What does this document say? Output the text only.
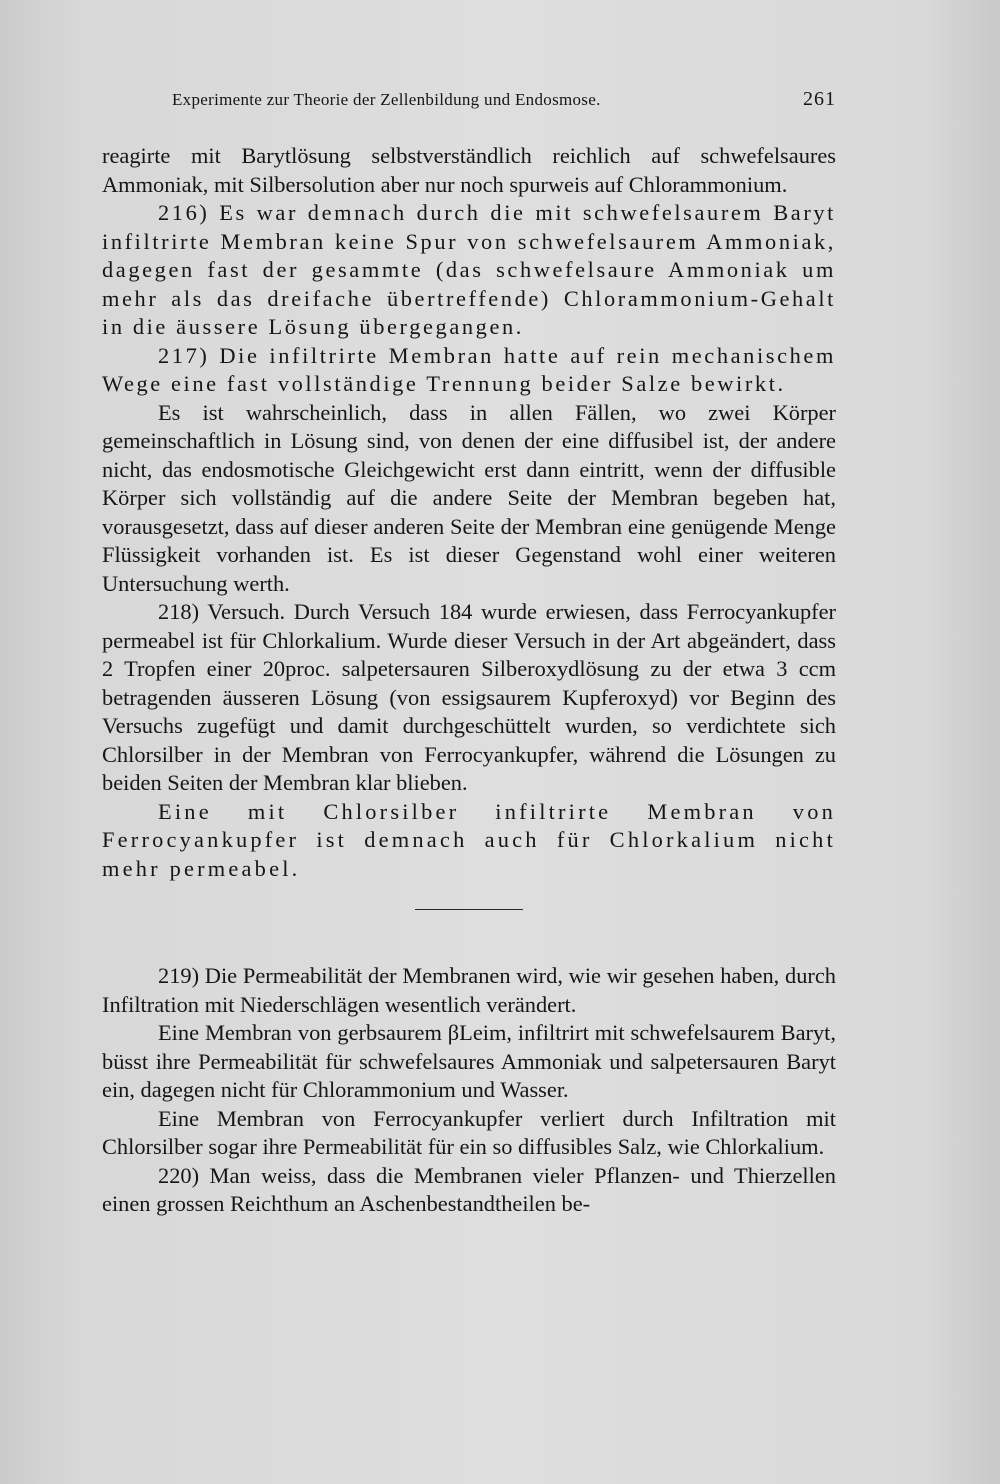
Experimente zur Theorie der Zellenbildung und Endosmose.	261

reagirte mit Barytlösung selbstverständlich reichlich auf schwefelsaures Ammoniak, mit Silbersolution aber nur noch spurweis auf Chlorammonium.

216) Es war demnach durch die mit schwefelsaurem Baryt infiltrirte Membran keine Spur von schwefelsaurem Ammoniak, dagegen fast der gesammte (das schwefelsaure Ammoniak um mehr als das dreifache übertreffende) Chlorammonium-Gehalt in die äussere Lösung übergegangen.

217) Die infiltrirte Membran hatte auf rein mechanischem Wege eine fast vollständige Trennung beider Salze bewirkt.

Es ist wahrscheinlich, dass in allen Fällen, wo zwei Körper gemeinschaftlich in Lösung sind, von denen der eine diffusibel ist, der andere nicht, das endosmotische Gleichgewicht erst dann eintritt, wenn der diffusible Körper sich vollständig auf die andere Seite der Membran begeben hat, vorausgesetzt, dass auf dieser anderen Seite der Membran eine genügende Menge Flüssigkeit vorhanden ist. Es ist dieser Gegenstand wohl einer weiteren Untersuchung werth.

218) Versuch. Durch Versuch 184 wurde erwiesen, dass Ferrocyankupfer permeabel ist für Chlorkalium. Wurde dieser Versuch in der Art abgeändert, dass 2 Tropfen einer 20proc. salpetersauren Silberoxydlösung zu der etwa 3 ccm betragenden äusseren Lösung (von essigsaurem Kupferoxyd) vor Beginn des Versuchs zugefügt und damit durchgeschüttelt wurden, so verdichtete sich Chlorsilber in der Membran von Ferrocyankupfer, während die Lösungen zu beiden Seiten der Membran klar blieben.

Eine mit Chlorsilber infiltrirte Membran von Ferrocyankupfer ist demnach auch für Chlorkalium nicht mehr permeabel.

219) Die Permeabilität der Membranen wird, wie wir gesehen haben, durch Infiltration mit Niederschlägen wesentlich verändert.

Eine Membran von gerbsaurem βLeim, infiltrirt mit schwefelsaurem Baryt, büsst ihre Permeabilität für schwefelsaures Ammoniak und salpetersauren Baryt ein, dagegen nicht für Chlorammonium und Wasser.

Eine Membran von Ferrocyankupfer verliert durch Infiltration mit Chlorsilber sogar ihre Permeabilität für ein so diffusibles Salz, wie Chlorkalium.

220) Man weiss, dass die Membranen vieler Pflanzen- und Thierzellen einen grossen Reichthum an Aschenbestandtheilen be-
